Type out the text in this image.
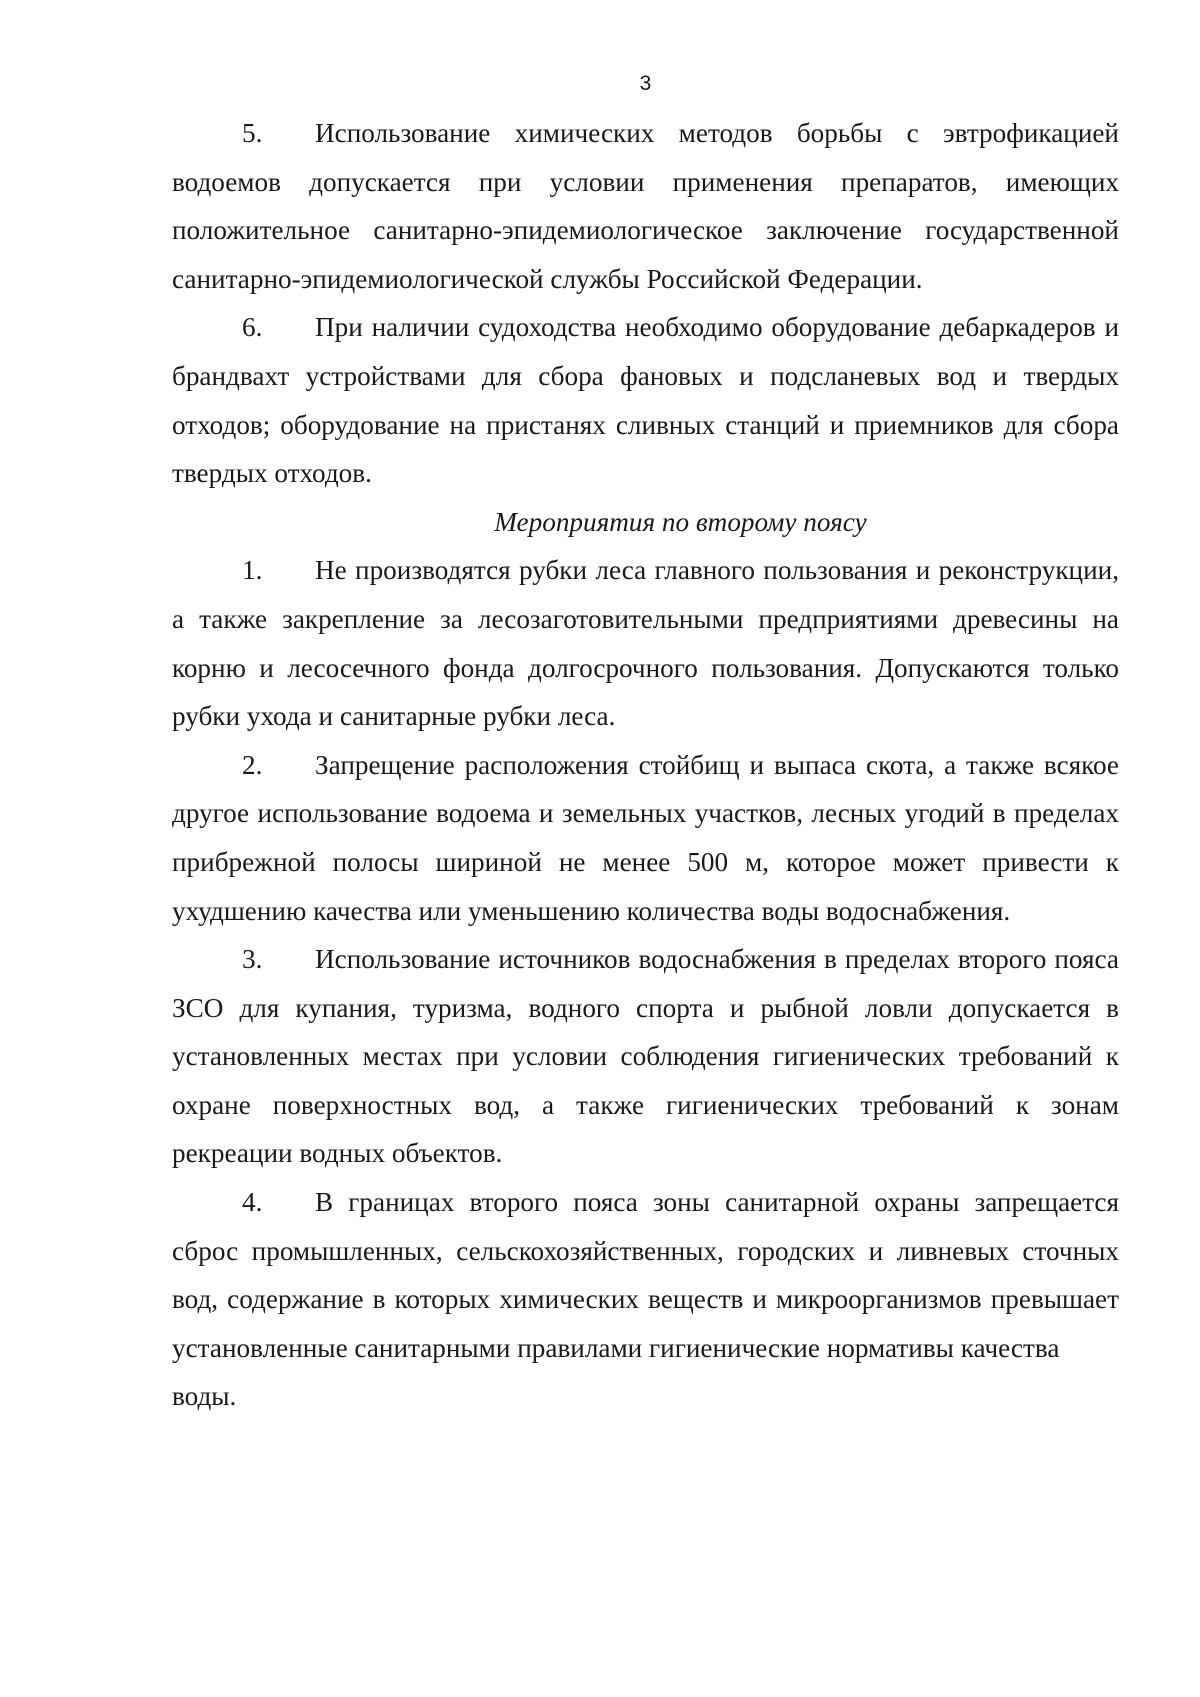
3

5. Использование химических методов борьбы с эвтрофикацией водоемов допускается при условии применения препаратов, имеющих положительное санитарно-эпидемиологическое заключение государственной санитарно-эпидемиологической службы Российской Федерации.

6. При наличии судоходства необходимо оборудование дебаркадеров и брандвахт устройствами для сбора фановых и подсланевых вод и твердых отходов; оборудование на пристанях сливных станций и приемников для сбора твердых отходов.

Мероприятия по второму поясу

1. Не производятся рубки леса главного пользования и реконструкции, а также закрепление за лесозаготовительными предприятиями древесины на корню и лесосечного фонда долгосрочного пользования. Допускаются только рубки ухода и санитарные рубки леса.

2. Запрещение расположения стойбищ и выпаса скота, а также всякое другое использование водоема и земельных участков, лесных угодий в пределах прибрежной полосы шириной не менее 500 м, которое может привести к ухудшению качества или уменьшению количества воды водоснабжения.

3. Использование источников водоснабжения в пределах второго пояса ЗСО для купания, туризма, водного спорта и рыбной ловли допускается в установленных местах при условии соблюдения гигиенических требований к охране поверхностных вод, а также гигиенических требований к зонам рекреации водных объектов.

4. В границах второго пояса зоны санитарной охраны запрещается сброс промышленных, сельскохозяйственных, городских и ливневых сточных вод, содержание в которых химических веществ и микроорганизмов превышает установленные санитарными правилами гигиенические нормативы качества

воды.
